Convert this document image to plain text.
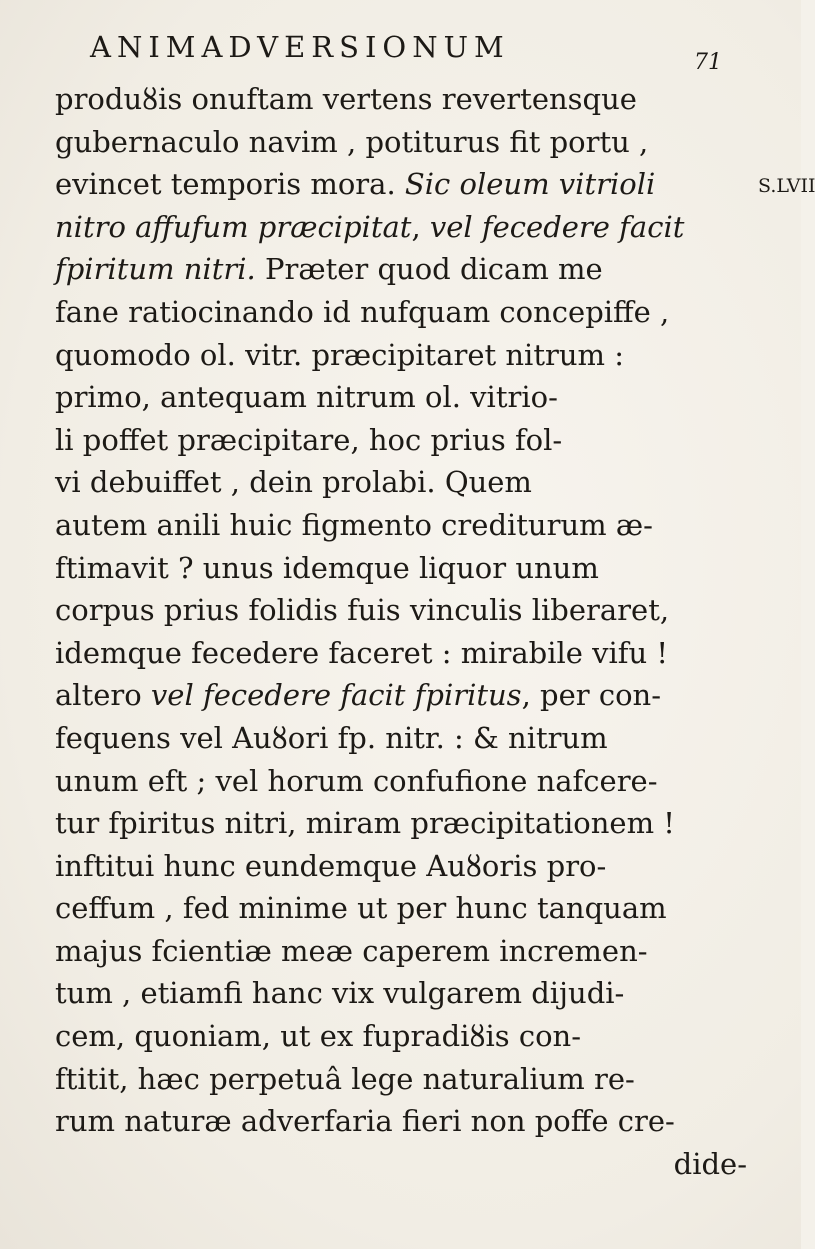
ANIMADVERSIONUM	71
S.LVII
produȣis onuftam vertens revertensque
gubernaculo navim , potiturus fit portu ,
evincet temporis mora. Sic oleum vitrioli
nitro affufum præcipitat, vel fecedere facit
fpiritum nitri. Præter quod dicam me
fane ratiocinando id nufquam concepiffe ,
quomodo ol. vitr. præcipitaret nitrum :
primo, antequam nitrum ol. vitrio-
li poffet præcipitare, hoc prius fol-
vi debuiffet , dein prolabi. Quem
autem anili huic figmento crediturum æ-
ftimavit ? unus idemque liquor unum
corpus prius folidis fuis vinculis liberaret,
idemque fecedere faceret : mirabile vifu !
altero vel fecedere facit fpiritus, per con-
fequens vel Auȣori fp. nitr. : & nitrum
unum eft ; vel horum confufione nafcere-
tur fpiritus nitri, miram præcipitationem !
inftitui hunc eundemque Auȣoris pro-
ceffum , fed minime ut per hunc tanquam
majus fcientiæ meæ caperem incremen-
tum , etiamfi hanc vix vulgarem dijudi-
cem, quoniam, ut ex fupradiȣis con-
ftitit, hæc perpetuâ lege naturalium re-
rum naturæ adverfaria fieri non poffe cre-
dide-
